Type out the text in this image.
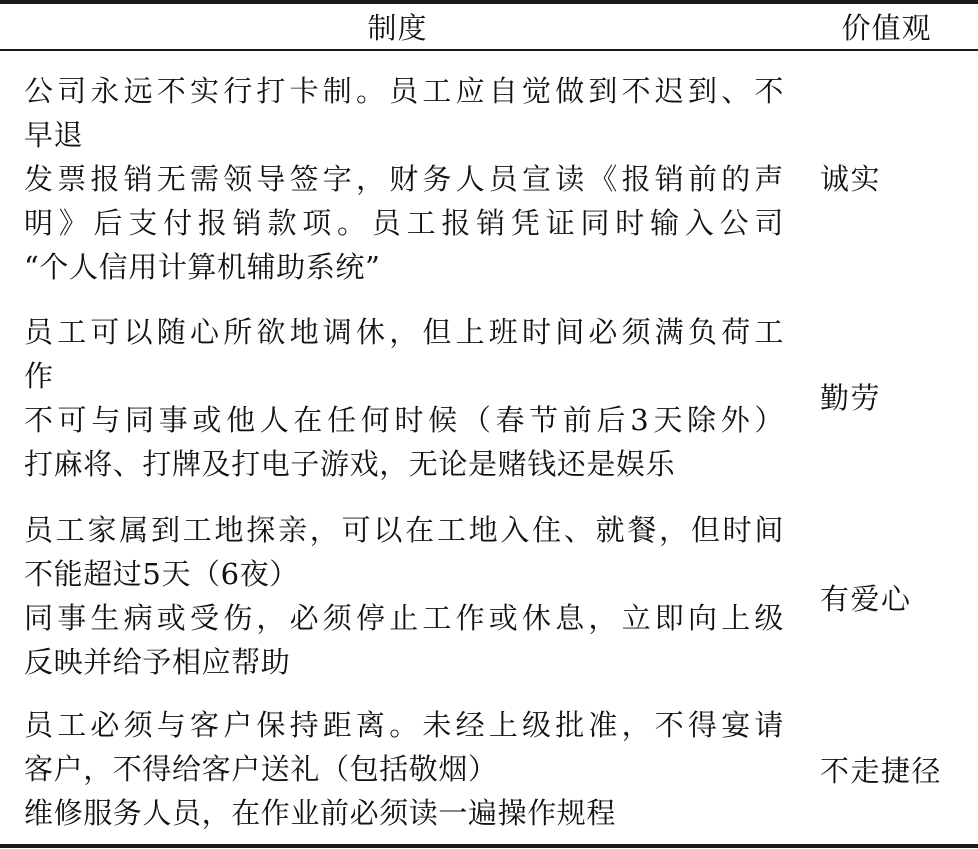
制度	价值观
公司永远不实行打卡制。员工应自觉做到不迟到、不
早退
发票报销无需领导签字，财务人员宣读《报销前的声
明》后支付报销款项。员工报销凭证同时输入公司
“个人信用计算机辅助系统”
诚实
员工可以随心所欲地调休，但上班时间必须满负荷工
作
不可与同事或他人在任何时候（春节前后3天除外）
打麻将、打牌及打电子游戏，无论是赌钱还是娱乐
勤劳
员工家属到工地探亲，可以在工地入住、就餐，但时间
不能超过5天（6夜）
同事生病或受伤，必须停止工作或休息，立即向上级
反映并给予相应帮助
有爱心
员工必须与客户保持距离。未经上级批准，不得宴请
客户，不得给客户送礼（包括敬烟）
维修服务人员，在作业前必须读一遍操作规程
不走捷径
